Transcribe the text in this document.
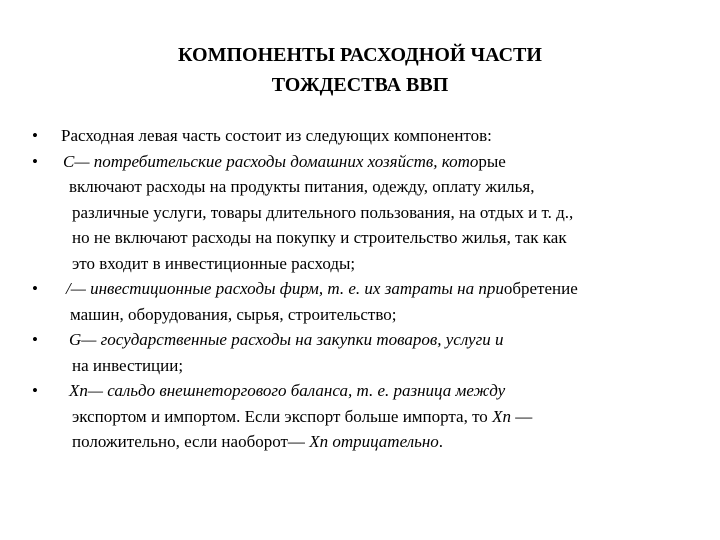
КОМПОНЕНТЫ РАСХОДНОЙ ЧАСТИ
ТОЖДЕСТВА ВВП
•	Расходная левая часть состоит из следующих компонентов:
•	С— потребительские расходы домашних хозяйств, которые
включают расходы на продукты питания, одежду, оплату жилья,
различные услуги, товары длительного пользования, на отдых и т. д.,
но не включают расходы на покупку и строительство жилья, так как
это входит в инвестиционные расходы;
•	/— инвестиционные расходы фирм, т. е. их затраты на приобретение
машин, оборудования, сырья, строительство;
•	G— государственные расходы на закупки товаров, услуги и
на инвестиции;
•	Хn— сальдо внешнеторгового баланса, т. е. разница между
экспортом и импортом. Если экспорт больше импорта, то Хn —
положительно, если наоборот— Хn отрицательно.
